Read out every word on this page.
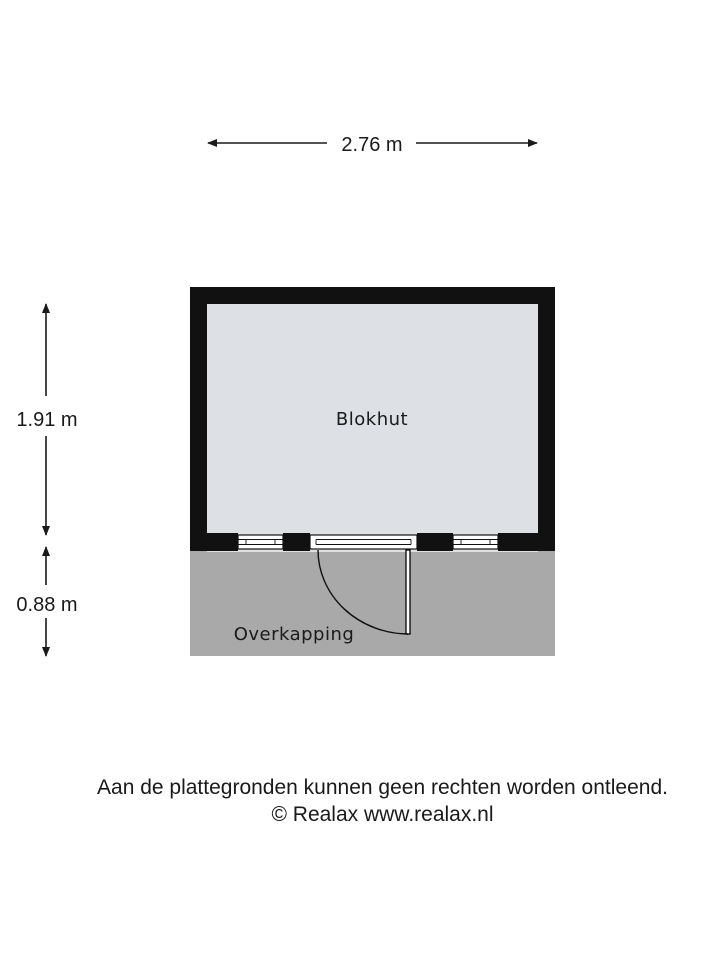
2.76 m
1.91 m
0.88 m
Blokhut
Overkapping
Aan de plattegronden kunnen geen rechten worden ontleend.
© Realax www.realax.nl
